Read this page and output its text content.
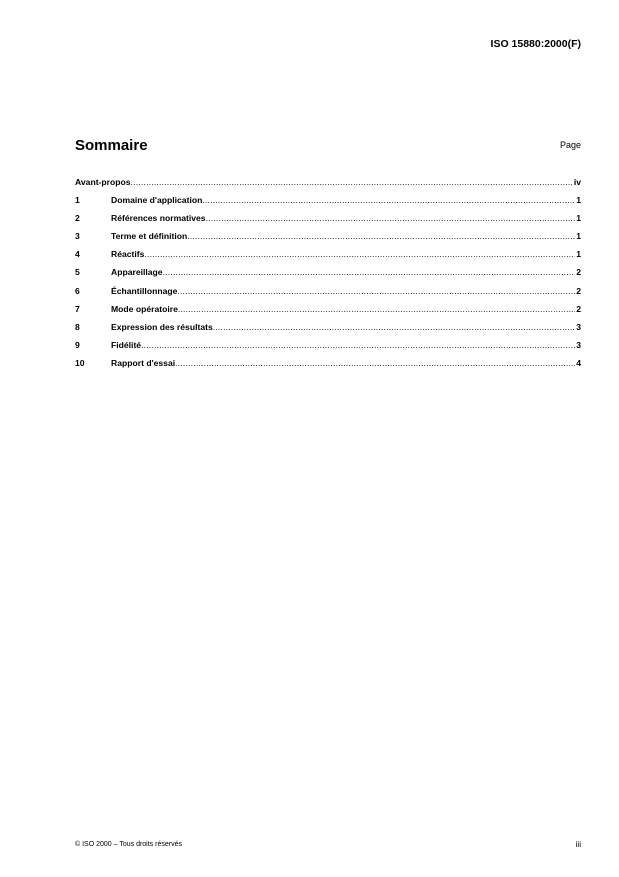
ISO 15880:2000(F)
Sommaire	Page
Avant-propos .....	iv
1	Domaine d'application .....	1
2	Références normatives .....	1
3	Terme et définition .....	1
4	Réactifs .....	1
5	Appareillage .....	2
6	Échantillonnage .....	2
7	Mode opératoire .....	2
8	Expression des résultats .....	3
9	Fidélité .....	3
10	Rapport d'essai .....	4
© ISO 2000 – Tous droits réservés	iii
